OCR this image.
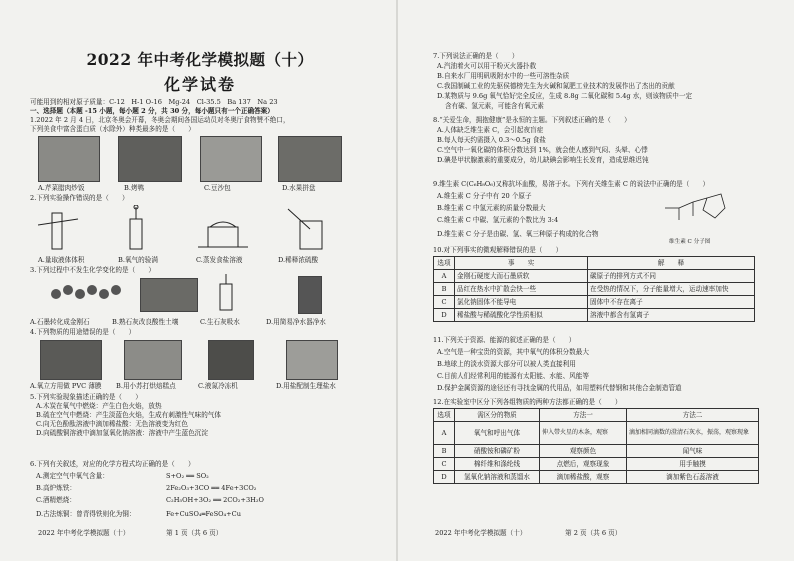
2022 年中考化学模拟题（十）
化学试卷
可能用到的相对原子质量：C-12　H-1 O-16　Mg-24　Cl-35.5　Ba 137　Na 23
一、选择题（本题 -15 小题，每小题 2 分，共 30 分，每小题只有一个正确答案）
1.2022 年 2 月 4 日，北京冬奥会开幕，冬奥会期间各国运动员对冬奥厅食物赞不绝口，
下列美食中富含蛋白质（水除外）种类最多的是（　　）
A.芹菜腊肉炒饭	B.烤鸭	C.豆沙包	D.水果拼盘
2.下列实验操作错误的是（　　）
A.量取液体体积	B.氧气的验满	C.蒸发食盐溶液	D.稀释浓硫酸
3.下列过程中不发生化学变化的是（　　）
A.石墨转化成金刚石	B.熟石灰改良酸性土壤	C.生石灰吸水	D.用简易净水器净水
4.下列物质的用途错误的是（　　）
A.氧立方用做 PVC 薄膜 B.用小苏打烘焙糕点	C.液氮冷冻机	D.用盐配制生理盐水
5.下列实验现象描述正确的是（　　）
A.木炭在氧气中燃烧：产生白色火焰，放热
B.硫在空气中燃烧：产生淡蓝色火焰，生成有刺激性气味的气体
C.向无色酚酞溶液中滴加稀盐酸：无色溶液变为红色
D.向硫酸铜溶液中滴加氢氧化钠溶液：溶液中产生蓝色沉淀
6.下列有关叙述，对应的化学方程式均正确的是（　　）
A.测定空气中氧气含量：	S+O₂ ══ SO₂
B.高炉炼铁：	2Fe₂O₃+3CO ══ 4Fe+3CO₂
C.酒精燃烧：	C₂H₅OH+3O₂ ══ 2CO₂+3H₂O
D.古法炼铜：曾青得铁则化为铜：	Fe+CuSO₄═FeSO₄+Cu
2022 年中考化学模拟题（十）	第 1 页（共 6 页）
7.下列说法正确的是（　　）
A.汽油着火可以用干粉灭火器扑救
B.自来水厂用明矾吸附水中的一些可溶性杂质
C.我国制碱工业的先驱侯德榜先生为火碱和氮肥工业技术的发展作出了杰出的贡献
D.某物质与 9.6g 氧气恰好完全反应，生成 8.8g 二氧化碳和 5.4g 水，则该物质中一定
含有碳、氢元素，可能含有氧元素
8.“关爱生命，拥抱健康”是永恒的主题。下列叙述正确的是（　　）
A.人体缺乏维生素 C，会引起夜盲症
B.每人每天约需摄入 0.3～0.5g 食盐
C.空气中一氧化碳的体积分数达到 1%，就会使人感到气闷、头晕、心悸
D.碘是甲状腺激素的重要成分，幼儿缺碘会影响生长发育，造成思维迟钝
9.维生素 C(C₆H₈O₆)又称抗坏血酸，易溶于水。下列有关维生素 C 的说法中正确的是（　　）
A.维生素 C 分子中有 20 个原子
B.维生素 C 中氢元素的质量分数最大
C.维生素 C 中碳、氢元素的个数比为 3:4
D.维生素 C 分子是由碳、氢、氧三种原子构成的化合物
维生素 C 分子图
10.对下列事实的微观解释错误的是（　　）
选项	事　　实	解　　释
A	金刚石硬度大而石墨质软	碳原子的排列方式不同
B	品红在热水中扩散会快一些	在受热的情况下，分子能量增大，运动速率加快
C	氯化钠固体不能导电	固体中不存在离子
D	稀盐酸与稀硫酸化学性质相似	溶液中都含有氢离子
11.下列关于资源、能源的叙述正确的是（　　）
A.空气是一种宝贵的资源，其中氧气的体积分数最大
B.地球上的淡水资源大部分可以被人类直接利用
C.目前人们经常利用的能源有太阳能、水能、风能等
D.保护金属资源的途径还有寻找金属的代用品，如用塑料代替钢和其他合金制造管道
12.在实验室中区分下列各组物质的两种方法都正确的是（　　）
选项	需区分的物质	方法一	方法二
A	氧气和呼出气体	伸入带火星的木条，观察	滴加相同滴数的澄清石灰水，振荡，观察现象
B	硝酸铵和磷矿粉	观察颜色	闻气味
C	棉纤维和涤纶线	点燃后，观察现象	用手触摸
D	氢氧化钠溶液和蒸馏水	滴加稀盐酸，观察	滴加紫色石蕊溶液
2022 年中考化学模拟题（十）	第 2 页（共 6 页）
